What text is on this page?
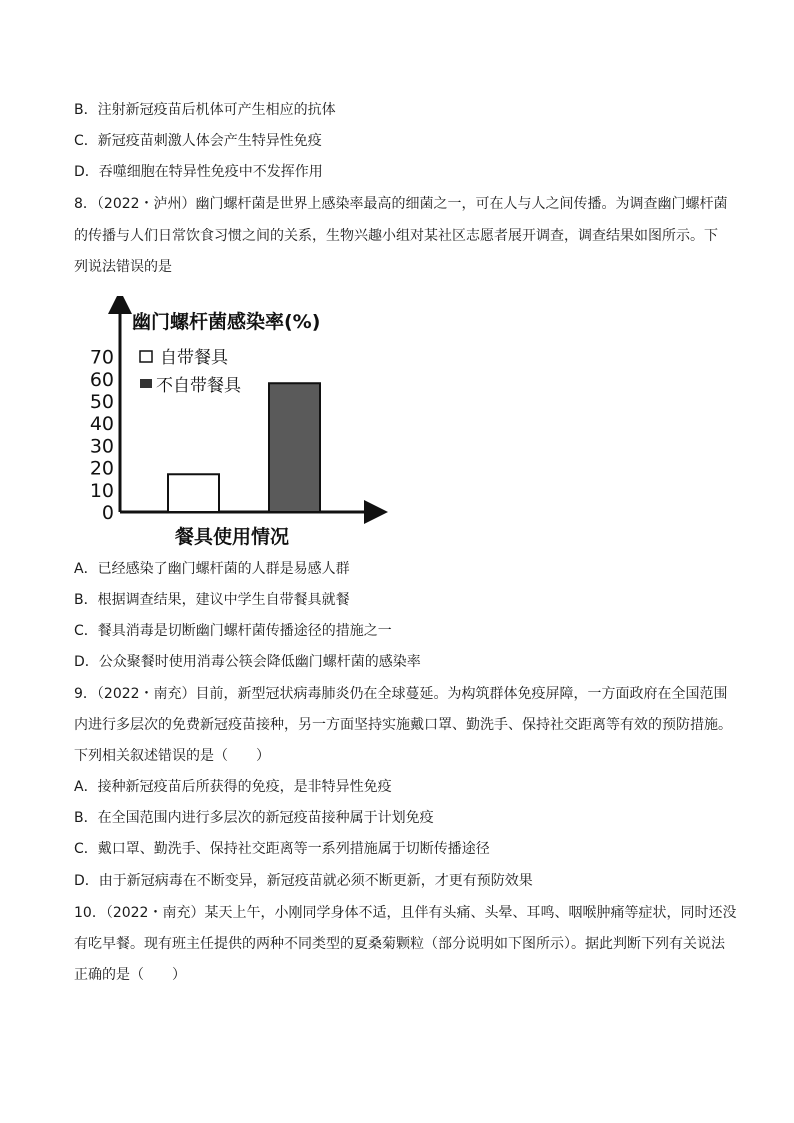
B．注射新冠疫苗后机体可产生相应的抗体
C．新冠疫苗刺激人体会产生特异性免疫
D．吞噬细胞在特异性免疫中不发挥作用
8．（2022・泸州）幽门螺杆菌是世界上感染率最高的细菌之一，可在人与人之间传播。为调查幽门螺杆菌
的传播与人们日常饮食习惯之间的关系，生物兴趣小组对某社区志愿者展开调查，调查结果如图所示。下
列说法错误的是
0
10
20
30
40
50
60
70
幽门螺杆菌感染率(%)
自带餐具
不自带餐具
餐具使用情况
A．已经感染了幽门螺杆菌的人群是易感人群
B．根据调查结果，建议中学生自带餐具就餐
C．餐具消毒是切断幽门螺杆菌传播途径的措施之一
D．公众聚餐时使用消毒公筷会降低幽门螺杆菌的感染率
9．（2022・南充）目前，新型冠状病毒肺炎仍在全球蔓延。为构筑群体免疫屏障，一方面政府在全国范围
内进行多层次的免费新冠疫苗接种，另一方面坚持实施戴口罩、勤洗手、保持社交距离等有效的预防措施。
下列相关叙述错误的是（　　）
A．接种新冠疫苗后所获得的免疫，是非特异性免疫
B．在全国范围内进行多层次的新冠疫苗接种属于计划免疫
C．戴口罩、勤洗手、保持社交距离等一系列措施属于切断传播途径
D．由于新冠病毒在不断变异，新冠疫苗就必须不断更新，才更有预防效果
10．（2022・南充）某天上午，小刚同学身体不适，且伴有头痛、头晕、耳鸣、咽喉肿痛等症状，同时还没
有吃早餐。现有班主任提供的两种不同类型的夏桑菊颗粒（部分说明如下图所示）。据此判断下列有关说法
正确的是（　　）
